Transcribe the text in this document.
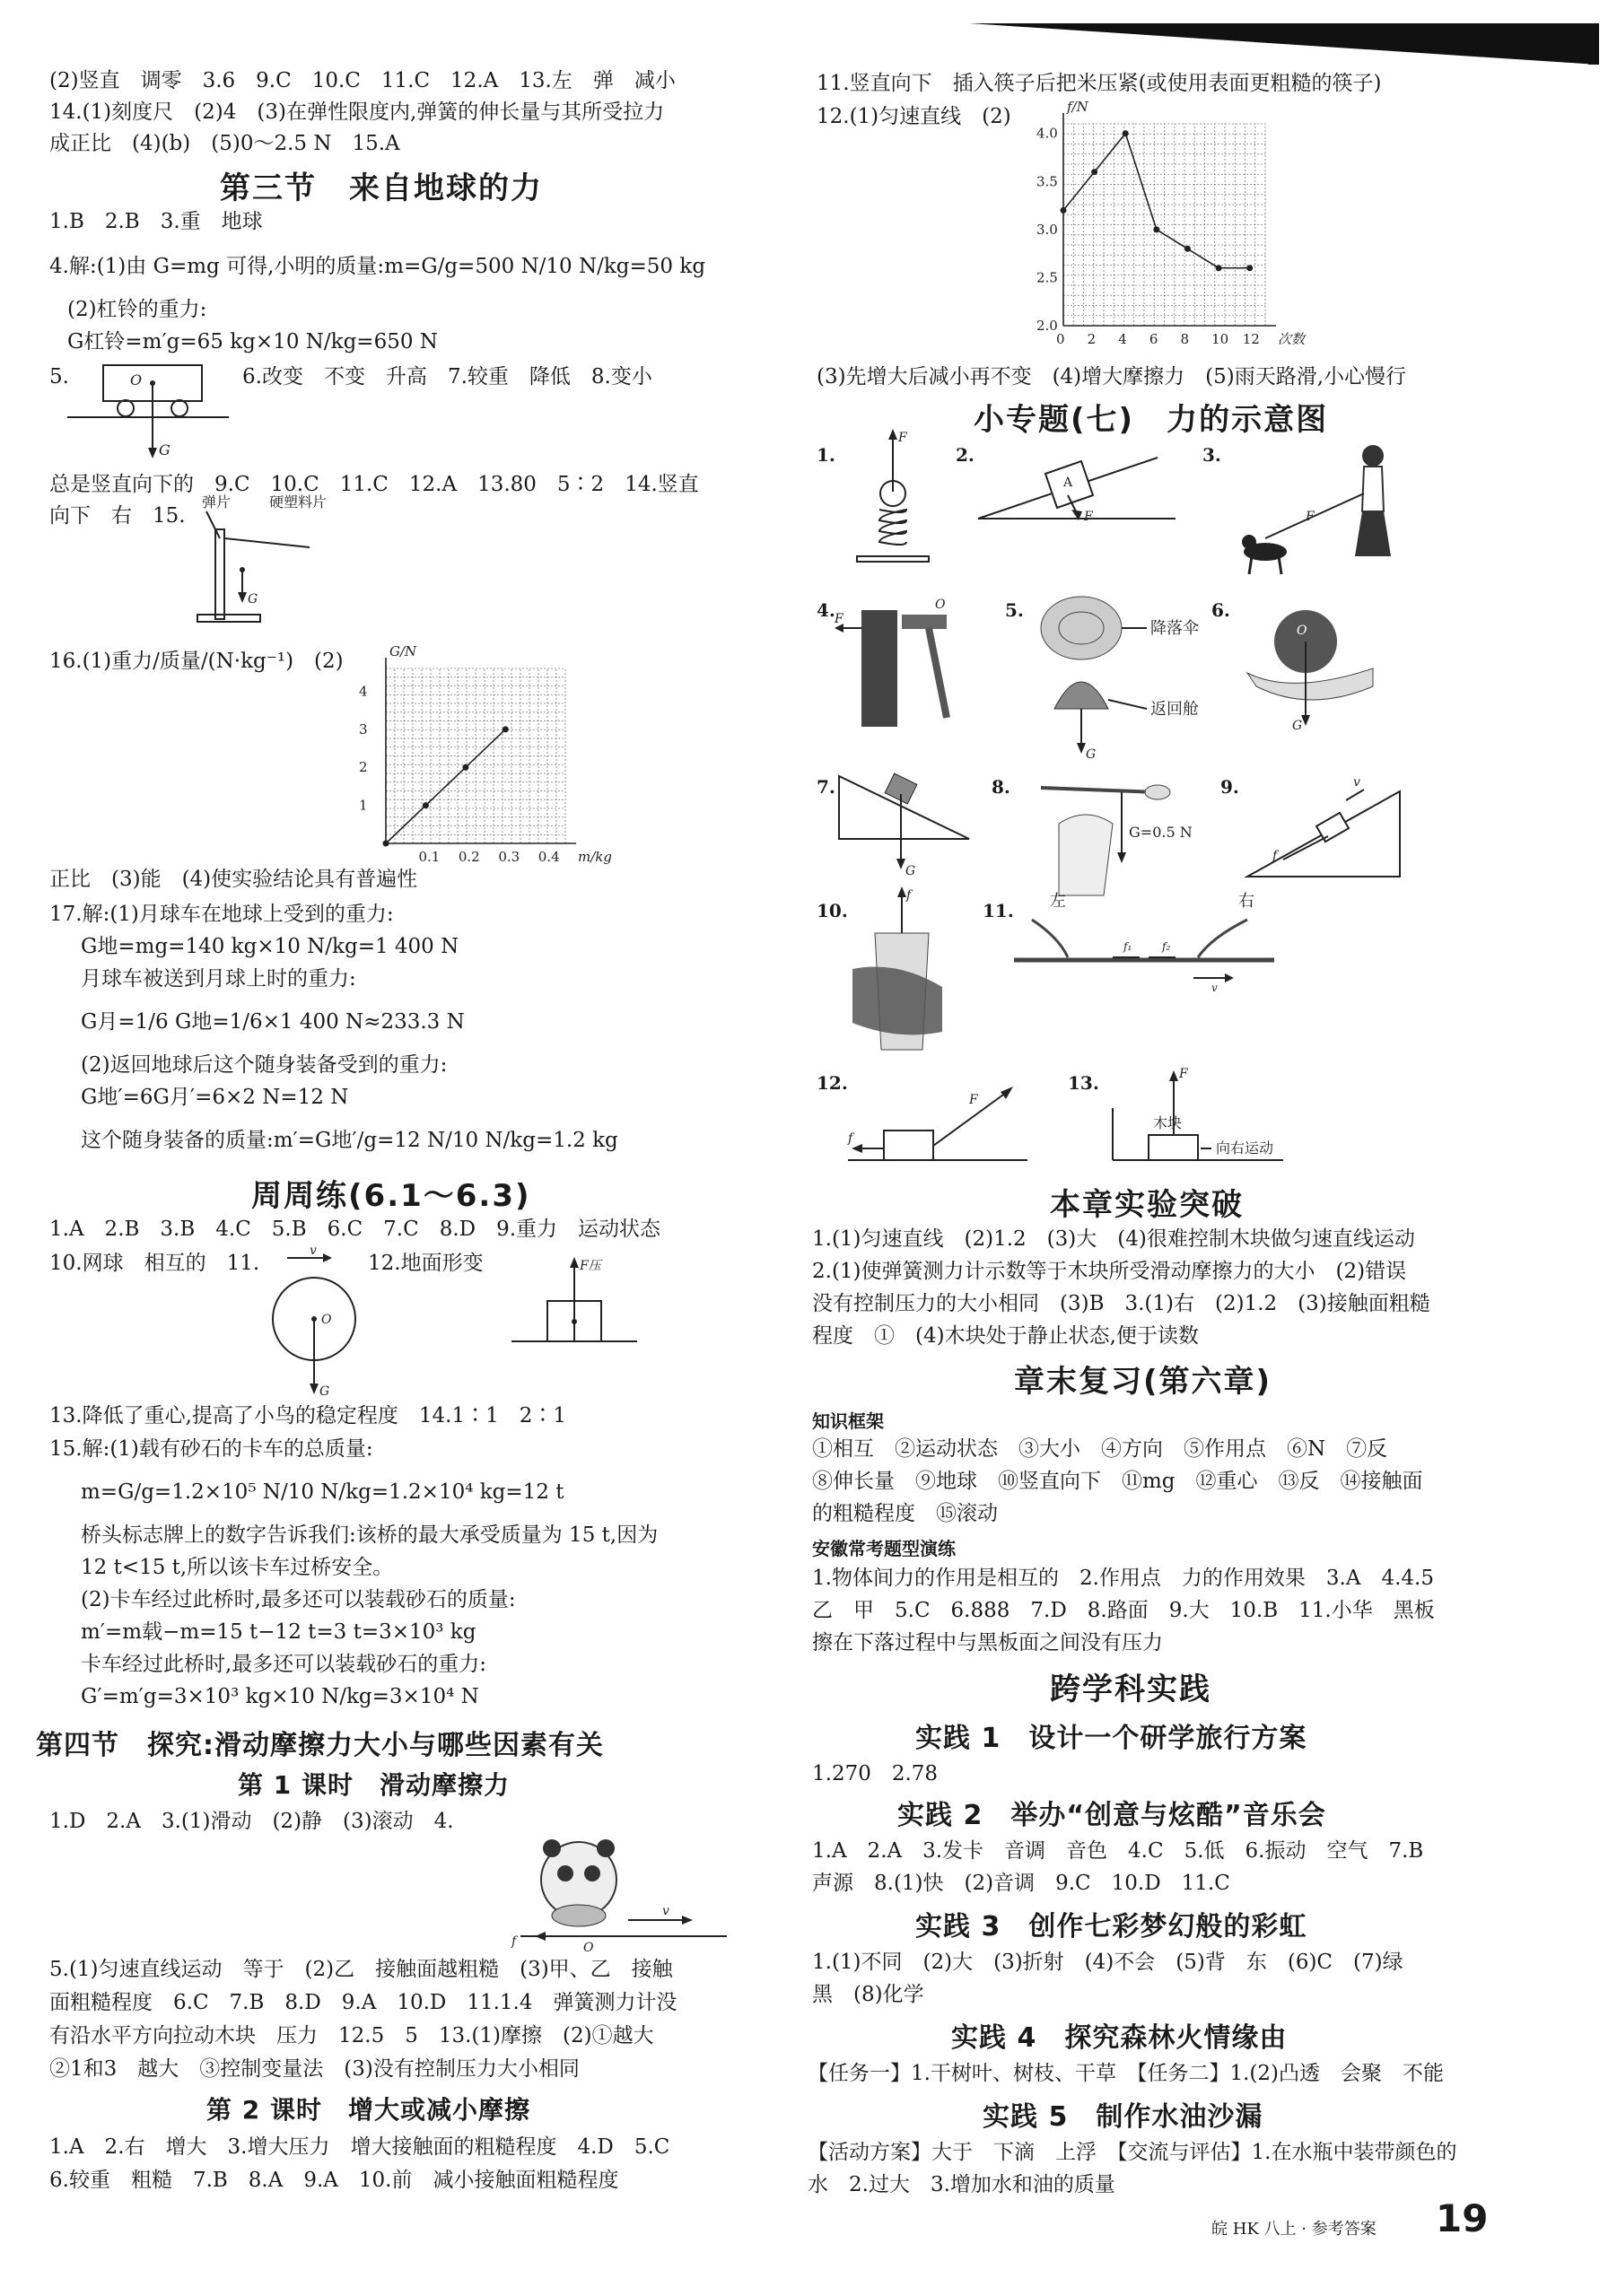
(2)竖直　调零　3.6　9.C　10.C　11.C　12.A　13.左　弹　减小
14.(1)刻度尺　(2)4　(3)在弹性限度内,弹簧的伸长量与其所受拉力
成正比　(4)(b)　(5)0～2.5 N　15.A
第三节　来自地球的力
1.B　2.B　3.重　地球
4.解:(1)由 G=mg 可得,小明的质量:m=G/g=500 N/10 N/kg=50 kg
(2)杠铃的重力:
G杠铃=m′g=65 kg×10 N/kg=650 N
5.	O
G
6.改变　不变　升高　7.较重　降低　8.变小
总是竖直向下的　9.C　10.C　11.C　12.A　13.80　5∶2　14.竖直
向下　右　15.
G
弹片	硬塑料片
16.(1)重力/质量/(N·kg⁻¹)　(2)
0.1 0.2 0.3 0.4
1
2
3
4
m/kg
G/N
正比　(3)能　(4)使实验结论具有普遍性
17.解:(1)月球车在地球上受到的重力:
G地=mg=140 kg×10 N/kg=1 400 N
月球车被送到月球上时的重力:
G月=1/6 G地=1/6×1 400 N≈233.3 N
(2)返回地球后这个随身装备受到的重力:
G地′=6G月′=6×2 N=12 N
这个随身装备的质量:m′=G地′/g=12 N/10 N/kg=1.2 kg
周周练(6.1～6.3)
1.A　2.B　3.B　4.C　5.B　6.C　7.C　8.D　9.重力　运动状态
10.网球　相互的　11.
v
G
O
12.地面形变	F压
13.降低了重心,提高了小鸟的稳定程度　14.1∶1　2∶1
15.解:(1)载有砂石的卡车的总质量:
m=G/g=1.2×10⁵ N/10 N/kg=1.2×10⁴ kg=12 t
桥头标志牌上的数字告诉我们:该桥的最大承受质量为 15 t,因为
12 t<15 t,所以该卡车过桥安全。
(2)卡车经过此桥时,最多还可以装载砂石的质量:
m′=m载−m=15 t−12 t=3 t=3×10³ kg
卡车经过此桥时,最多还可以装载砂石的重力:
G′=m′g=3×10³ kg×10 N/kg=3×10⁴ N
第四节　探究:滑动摩擦力大小与哪些因素有关
第 1 课时　滑动摩擦力
1.D　2.A　3.(1)滑动　(2)静　(3)滚动　4.
v
f	O
5.(1)匀速直线运动　等于　(2)乙　接触面越粗糙　(3)甲、乙　接触
面粗糙程度　6.C　7.B　8.D　9.A　10.D　11.1.4　弹簧测力计没
有沿水平方向拉动木块　压力　12.5　5　13.(1)摩擦　(2)①越大
②1和3　越大　③控制变量法　(3)没有控制压力大小相同
第 2 课时　增大或减小摩擦
1.A　2.右　增大　3.增大压力　增大接触面的粗糙程度　4.D　5.C
6.较重　粗糙　7.B　8.A　9.A　10.前　减小接触面粗糙程度
11.竖直向下　插入筷子后把米压紧(或使用表面更粗糙的筷子)
12.(1)匀速直线　(2)
0 2 4 6 8 10 12
2.0
2.5
3.0
3.5
4.0
次数
f/N
(3)先增大后减小再不变　(4)增大摩擦力　(5)雨天路滑,小心慢行
小专题(七)　力的示意图
1.
F
2.
A
F
3.
F
4. F
O	5.
降落伞
返回舱
G
6.
G
O
7.
G
8.
G=0.5 N
9.	v
f
10.
f
11. 左	右
f₁	f₂
v
12.
F
f
13.
木块
F
向右运动
本章实验突破
1.(1)匀速直线　(2)1.2　(3)大　(4)很难控制木块做匀速直线运动
2.(1)使弹簧测力计示数等于木块所受滑动摩擦力的大小　(2)错误
没有控制压力的大小相同　(3)B　3.(1)右　(2)1.2　(3)接触面粗糙
程度　①　(4)木块处于静止状态,便于读数
章末复习(第六章)
知识框架
①相互　②运动状态　③大小　④方向　⑤作用点　⑥N　⑦反
⑧伸长量　⑨地球　⑩竖直向下　⑪mg　⑫重心　⑬反　⑭接触面
的粗糙程度　⑮滚动
安徽常考题型演练
1.物体间力的作用是相互的　2.作用点　力的作用效果　3.A　4.4.5
乙　甲　5.C　6.888　7.D　8.路面　9.大　10.B　11.小华　黑板
擦在下落过程中与黑板面之间没有压力
跨学科实践
实践 1　设计一个研学旅行方案
1.270　2.78
实践 2　举办“创意与炫酷”音乐会
1.A　2.A　3.发卡　音调　音色　4.C　5.低　6.振动　空气　7.B
声源　8.(1)快　(2)音调　9.C　10.D　11.C
实践 3　创作七彩梦幻般的彩虹
1.(1)不同　(2)大　(3)折射　(4)不会　(5)背　东　(6)C　(7)绿
黑　(8)化学
实践 4　探究森林火情缘由
【任务一】1.干树叶、树枝、干草　【任务二】1.(2)凸透　会聚　不能
实践 5　制作水油沙漏
【活动方案】大于　下滴　上浮　【交流与评估】1.在水瓶中装带颜色的
水　2.过大　3.增加水和油的质量
皖 HK 八上 · 参考答案 19
